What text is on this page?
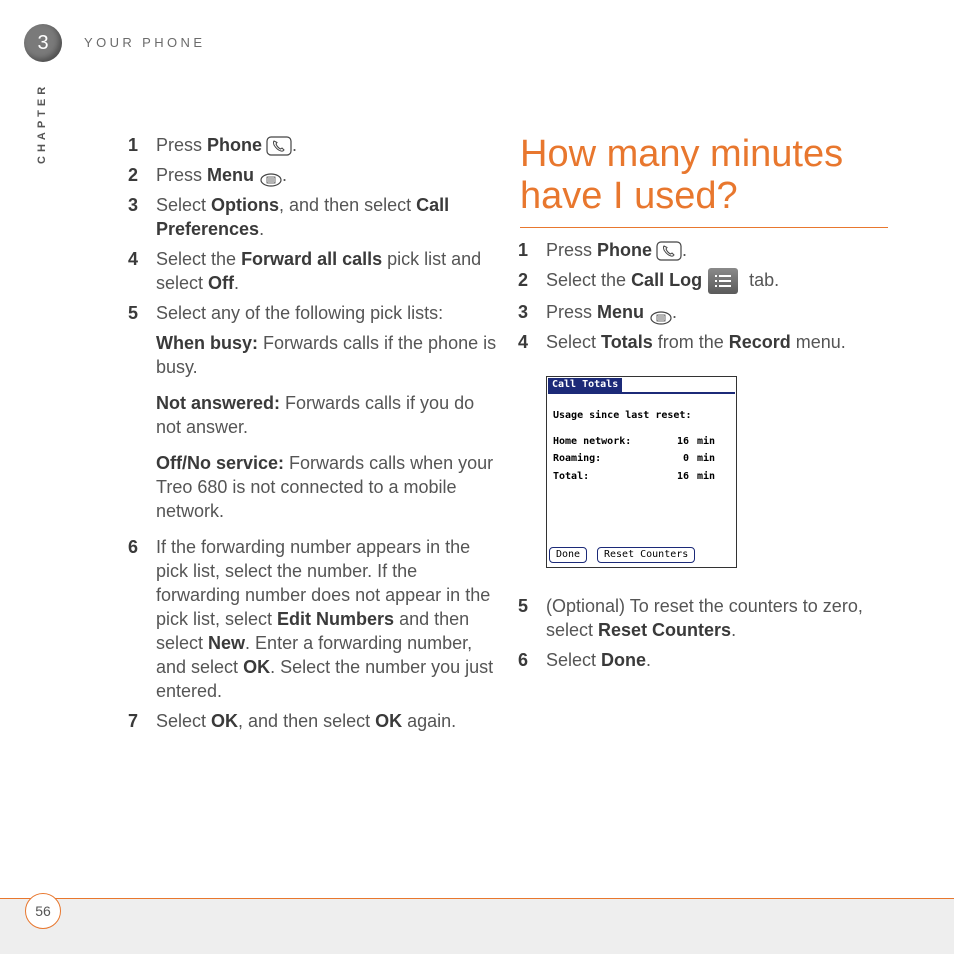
3	YOUR PHONE
CHAPTER	1 Press Phone .
2 Press Menu .
3 Select Options, and then select Call Preferences.
4 Select the Forward all calls pick list and select Off.
5 Select any of the following pick lists:
When busy: Forwards calls if the phone is busy.
Not answered: Forwards calls if you do not answer.
Off/No service: Forwards calls when your Treo 680 is not connected to a mobile network.
6 If the forwarding number appears in the pick list, select the number. If the forwarding number does not appear in the pick list, select Edit Numbers and then select New. Enter a forwarding number, and select OK. Select the number you just entered.
7 Select OK, and then select OK again.
How many minutes have I used?
1 Press Phone .
2 Select the Call Log
tab.
3 Press Menu .
4 Select Totals from the Record menu.
Call Totals
Usage since last reset:
Home network:	16 min
Roaming:	0 min
Total:	16 min
Done	Reset Counters
5 (Optional) To reset the counters to zero, select Reset Counters.
6 Select Done.
56
